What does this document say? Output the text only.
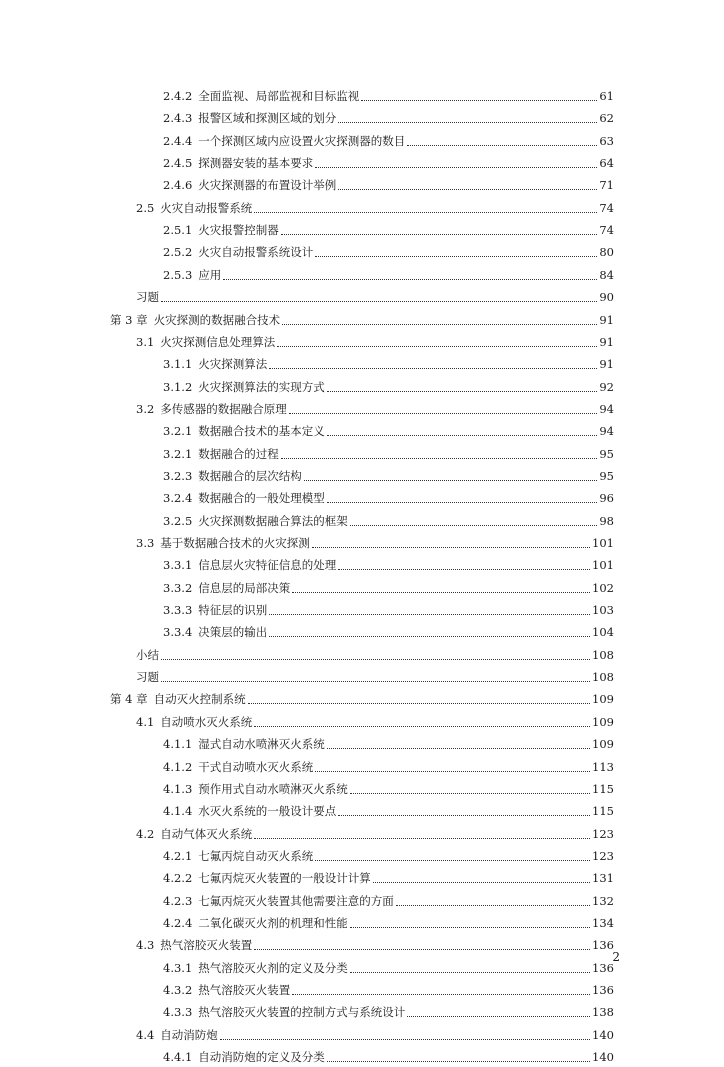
2.4.2 全面监视、局部监视和目标监视	61
2.4.3 报警区域和探测区域的划分	62
2.4.4 一个探测区域内应设置火灾探测器的数目	63
2.4.5 探测器安装的基本要求	64
2.4.6 火灾探测器的布置设计举例	71
2.5 火灾自动报警系统	74
2.5.1 火灾报警控制器	74
2.5.2 火灾自动报警系统设计	80
2.5.3 应用	84
习题	90
第 3 章 火灾探测的数据融合技术	91
3.1 火灾探测信息处理算法	91
3.1.1 火灾探测算法	91
3.1.2 火灾探测算法的实现方式	92
3.2 多传感器的数据融合原理	94
3.2.1 数据融合技术的基本定义	94
3.2.1 数据融合的过程	95
3.2.3 数据融合的层次结构	95
3.2.4 数据融合的一般处理模型	96
3.2.5 火灾探测数据融合算法的框架	98
3.3 基于数据融合技术的火灾探测	101
3.3.1 信息层火灾特征信息的处理	101
3.3.2 信息层的局部决策	102
3.3.3 特征层的识别	103
3.3.4 决策层的输出	104
小结	108
习题	108
第 4 章 自动灭火控制系统	109
4.1 自动喷水灭火系统	109
4.1.1 湿式自动水喷淋灭火系统	109
4.1.2 干式自动喷水灭火系统	113
4.1.3 预作用式自动水喷淋灭火系统	115
4.1.4 水灭火系统的一般设计要点	115
4.2 自动气体灭火系统	123
4.2.1 七氟丙烷自动灭火系统	123
4.2.2 七氟丙烷灭火装置的一般设计计算	131
4.2.3 七氟丙烷灭火装置其他需要注意的方面	132
4.2.4 二氧化碳灭火剂的机理和性能	134
4.3 热气溶胶灭火装置	136
4.3.1 热气溶胶灭火剂的定义及分类	136
4.3.2 热气溶胶灭火装置	136
4.3.3 热气溶胶灭火装置的控制方式与系统设计	138
4.4 自动消防炮	140
4.4.1 自动消防炮的定义及分类	140
2
